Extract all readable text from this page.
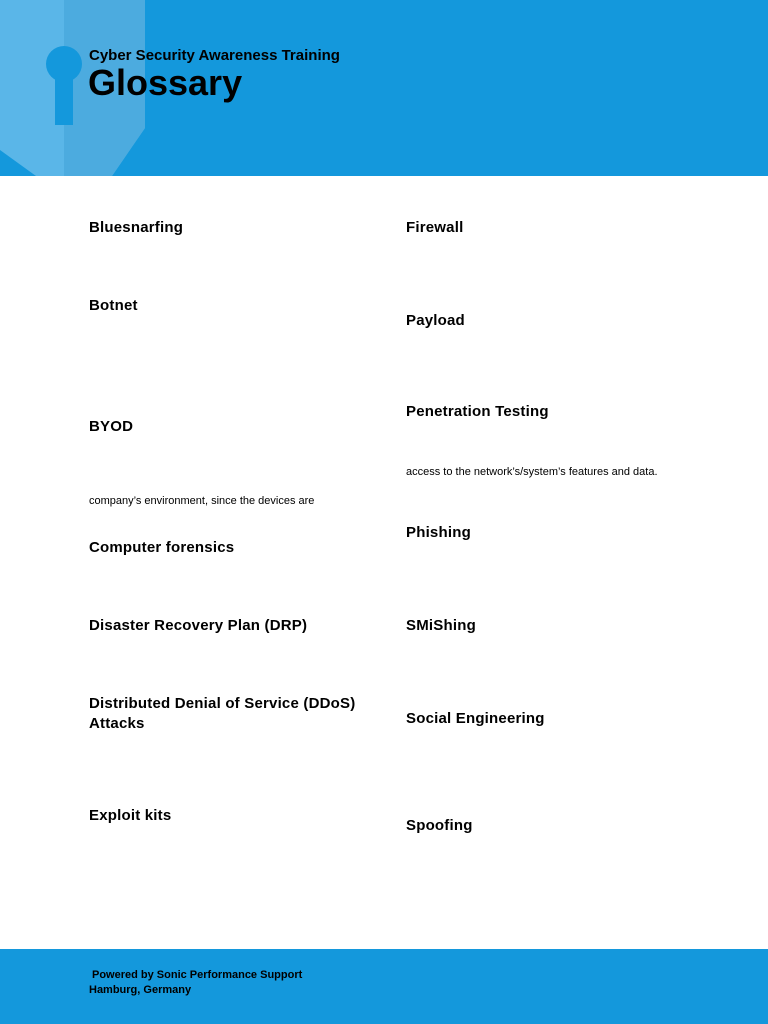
Cyber Security Awareness Training
Glossary
Bluesnarfing
Botnet
BYOD
company’s environment, since the devices are
Computer forensics
Disaster Recovery Plan (DRP)
Distributed Denial of Service (DDoS) Attacks
Exploit kits
Firewall
Payload
Penetration Testing
access to the network’s/system’s features and data.
Phishing
SMiShing
Social Engineering
Spoofing
Powered by Sonic Performance Support
Hamburg, Germany
